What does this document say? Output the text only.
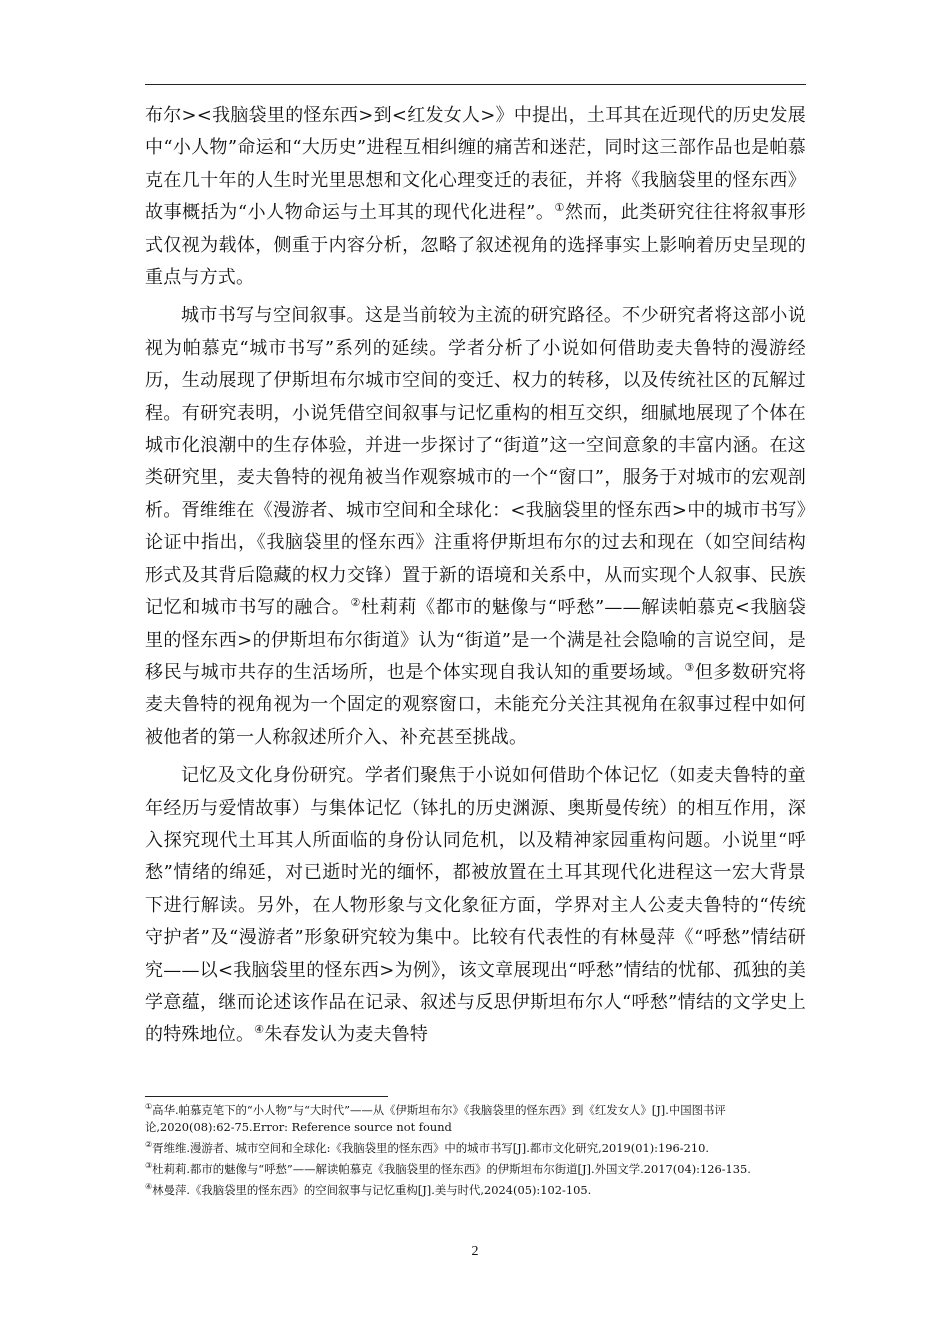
布尔><我脑袋里的怪东西>到<红发女人>》中提出，土耳其在近现代的历史发展中“小人物”命运和“大历史”进程互相纠缠的痛苦和迷茫，同时这三部作品也是帕慕克在几十年的人生时光里思想和文化心理变迁的表征，并将《我脑袋里的怪东西》故事概括为“小人物命运与土耳其的现代化进程”。①然而，此类研究往往将叙事形式仅视为载体，侧重于内容分析，忽略了叙述视角的选择事实上影响着历史呈现的重点与方式。

城市书写与空间叙事。这是当前较为主流的研究路径。不少研究者将这部小说视为帕慕克“城市书写”系列的延续。学者分析了小说如何借助麦夫鲁特的漫游经历，生动展现了伊斯坦布尔城市空间的变迁、权力的转移，以及传统社区的瓦解过程。有研究表明，小说凭借空间叙事与记忆重构的相互交织，细腻地展现了个体在城市化浪潮中的生存体验，并进一步探讨了“街道”这一空间意象的丰富内涵。在这类研究里，麦夫鲁特的视角被当作观察城市的一个“窗口”，服务于对城市的宏观剖析。胥维维在《漫游者、城市空间和全球化：<我脑袋里的怪东西>中的城市书写》论证中指出，《我脑袋里的怪东西》注重将伊斯坦布尔的过去和现在（如空间结构形式及其背后隐藏的权力交锋）置于新的语境和关系中，从而实现个人叙事、民族记忆和城市书写的融合。②杜莉莉《都市的魅像与“呼愁”——解读帕慕克<我脑袋里的怪东西>的伊斯坦布尔街道》认为“街道”是一个满是社会隐喻的言说空间，是移民与城市共存的生活场所，也是个体实现自我认知的重要场域。③但多数研究将麦夫鲁特的视角视为一个固定的观察窗口，未能充分关注其视角在叙事过程中如何被他者的第一人称叙述所介入、补充甚至挑战。

记忆及文化身份研究。学者们聚焦于小说如何借助个体记忆（如麦夫鲁特的童年经历与爱情故事）与集体记忆（钵扎的历史渊源、奥斯曼传统）的相互作用，深入探究现代土耳其人所面临的身份认同危机，以及精神家园重构问题。小说里“呼愁”情绪的绵延，对已逝时光的缅怀，都被放置在土耳其现代化进程这一宏大背景下进行解读。另外，在人物形象与文化象征方面，学界对主人公麦夫鲁特的“传统守护者”及“漫游者”形象研究较为集中。比较有代表性的有林曼萍《“呼愁”情结研究——以<我脑袋里的怪东西>为例》，该文章展现出“呼愁”情结的忧郁、孤独的美学意蕴，继而论述该作品在记录、叙述与反思伊斯坦布尔人“呼愁”情结的文学史上的特殊地位。④朱春发认为麦夫鲁特

①高华.帕慕克笔下的“小人物”与“大时代”——从《伊斯坦布尔》《我脑袋里的怪东西》到《红发女人》[J].中国图书评论,2020(08):62-75.Error: Reference source not found
②胥维维.漫游者、城市空间和全球化:《我脑袋里的怪东西》中的城市书写[J].都市文化研究,2019(01):196-210.
③杜莉莉.都市的魅像与“呼愁”——解读帕慕克《我脑袋里的怪东西》的伊斯坦布尔街道[J].外国文学.2017(04):126-135.
④林曼萍.《我脑袋里的怪东西》的空间叙事与记忆重构[J].美与时代,2024(05):102-105.
2
